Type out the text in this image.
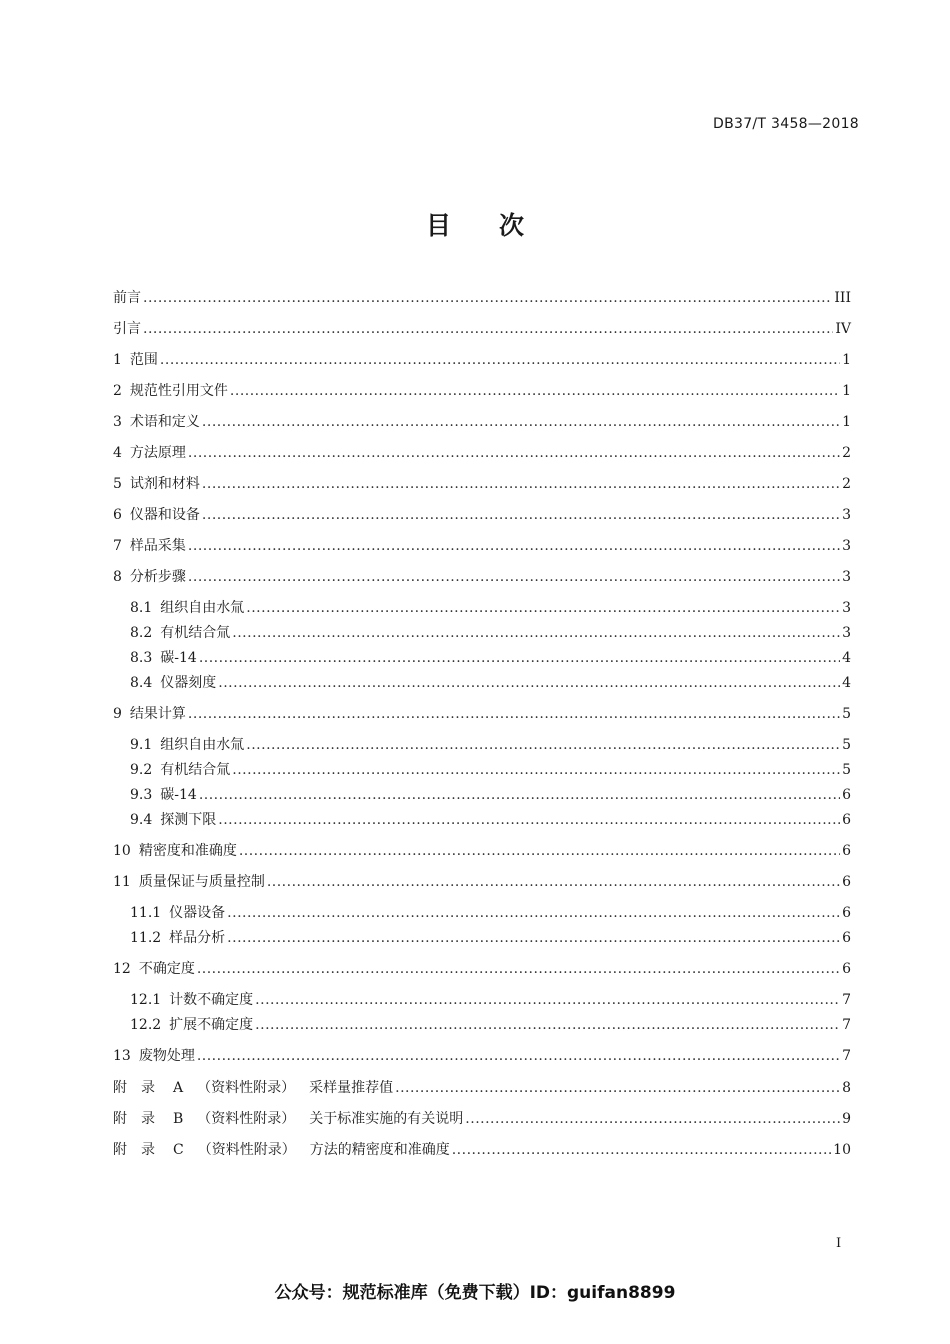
DB37/T 3458—2018
目次
前言 .....	III
引言 .....	IV
1 范围 .....	1
2 规范性引用文件 .....	1
3 术语和定义 .....	1
4 方法原理 .....	2
5 试剂和材料 .....	2
6 仪器和设备 .....	3
7 样品采集 .....	3
8 分析步骤 .....	3
8.1 组织自由水氚 .....	3
8.2 有机结合氚 .....	3
8.3 碳-14 .....	4
8.4 仪器刻度 .....	4
9 结果计算 .....	5
9.1 组织自由水氚 .....	5
9.2 有机结合氚 .....	5
9.3 碳-14 .....	6
9.4 探测下限 .....	6
10 精密度和准确度 .....	6
11 质量保证与质量控制 .....	6
11.1 仪器设备 .....	6
11.2 样品分析 .....	6
12 不确定度 .....	6
12.1 计数不确定度 .....	7
12.2 扩展不确定度 .....	7
13 废物处理 .....	7
附录 A （资料性附录） 采样量推荐值 .....	8
附录 B （资料性附录） 关于标准实施的有关说明 .....	9
附录 C （资料性附录） 方法的精密度和准确度 .....	10
I
公众号：规范标准库（免费下载）ID：guifan8899
